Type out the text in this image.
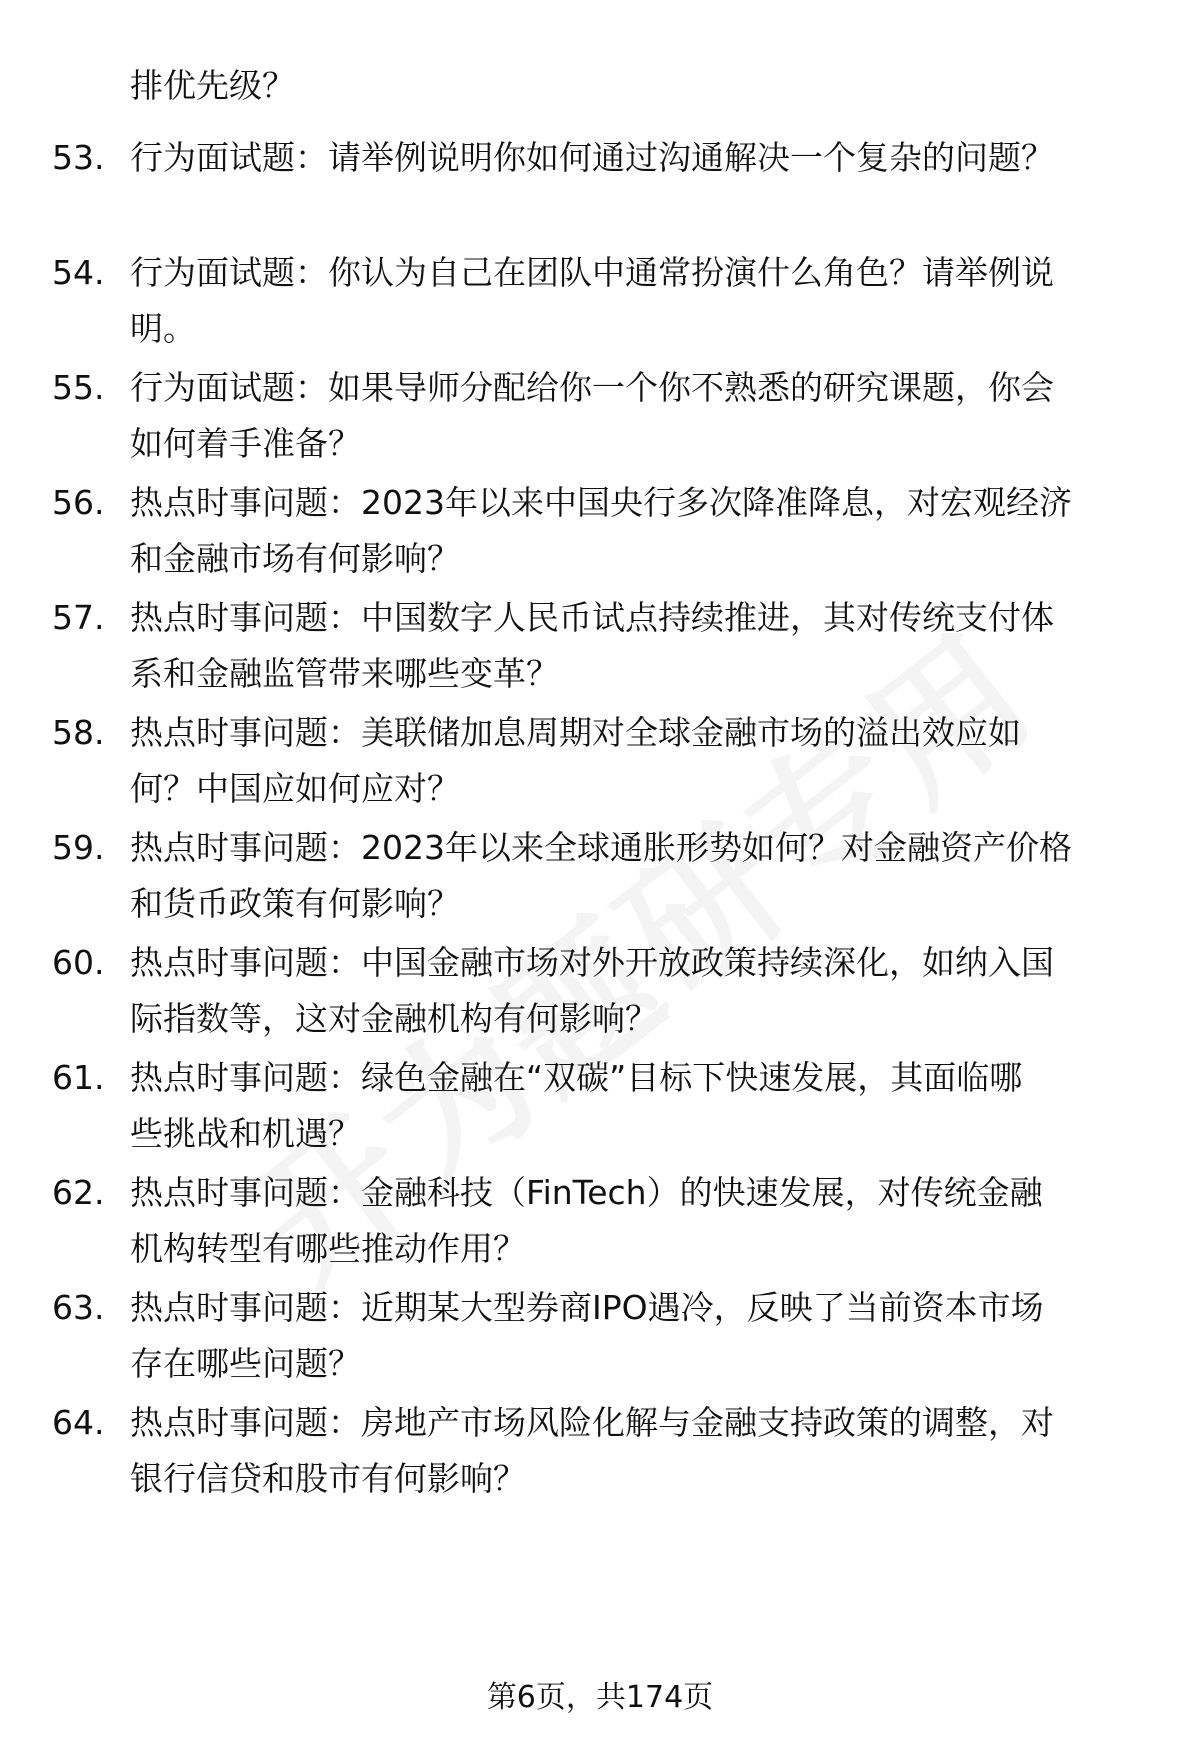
排优先级？
53. 行为面试题：请举例说明你如何通过沟通解决一个复杂的问题？
54. 行为面试题：你认为自己在团队中通常扮演什么角色？请举例说
明。
55. 行为面试题：如果导师分配给你一个你不熟悉的研究课题，你会
如何着手准备？
56. 热点时事问题：2023年以来中国央行多次降准降息，对宏观经济
和金融市场有何影响？
57. 热点时事问题：中国数字人民币试点持续推进，其对传统支付体
系和金融监管带来哪些变革？
58. 热点时事问题：美联储加息周期对全球金融市场的溢出效应如
何？中国应如何应对？
59. 热点时事问题：2023年以来全球通胀形势如何？对金融资产价格
和货币政策有何影响？
60. 热点时事问题：中国金融市场对外开放政策持续深化，如纳入国
际指数等，这对金融机构有何影响？
61. 热点时事问题：绿色金融在“双碳”目标下快速发展，其面临哪
些挑战和机遇？
62. 热点时事问题：金融科技（FinTech）的快速发展，对传统金融
机构转型有哪些推动作用？
63. 热点时事问题：近期某大型券商IPO遇冷，反映了当前资本市场
存在哪些问题？
64. 热点时事问题：房地产市场风险化解与金融支持政策的调整，对
银行信贷和股市有何影响？
第6页，共174页
